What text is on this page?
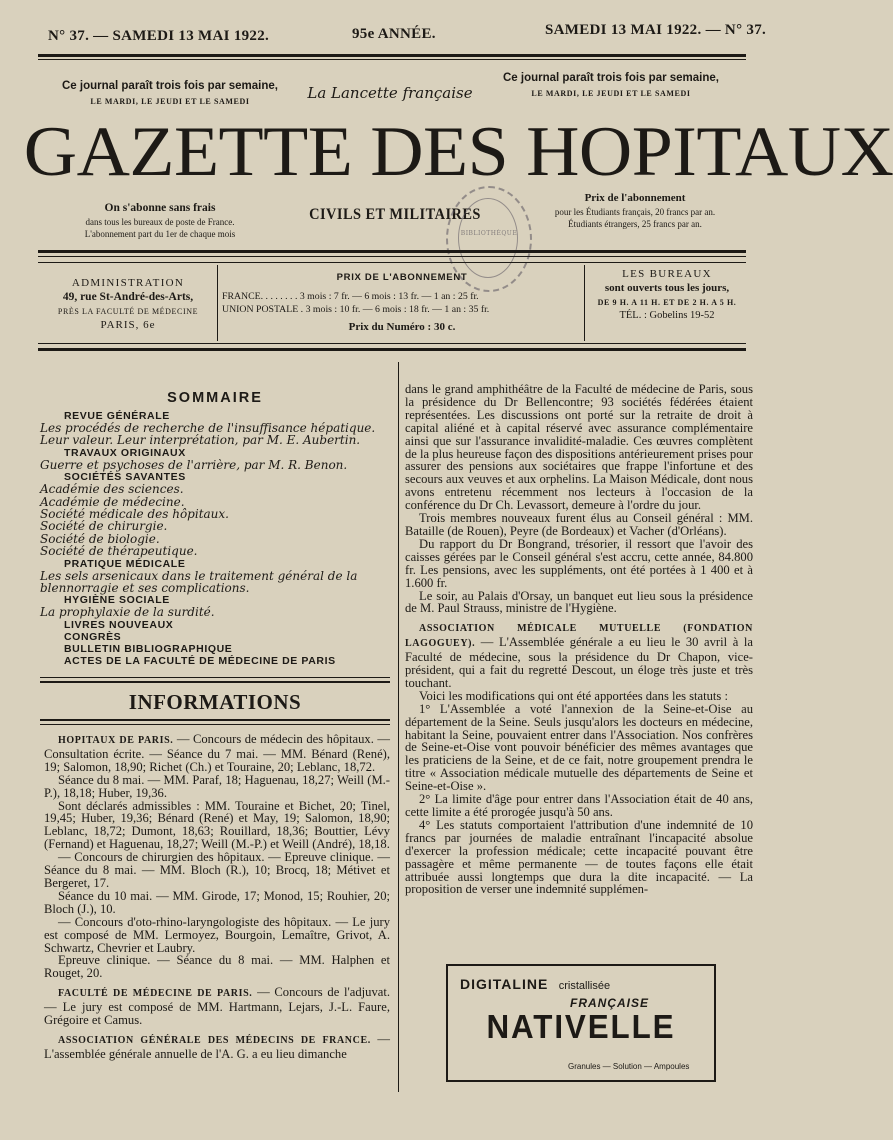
N° 37. — SAMEDI 13 MAI 1922.	95e ANNÉE.	SAMEDI 13 MAI 1922. — N° 37.
Ce journal paraît trois fois par semaine,
LE MARDI, LE JEUDI ET LE SAMEDI	La Lancette française
Ce journal paraît trois fois par semaine,
LE MARDI, LE JEUDI ET LE SAMEDI
GAZETTE DES HOPITAUX
On s'abonne sans frais
dans tous les bureaux de poste de France.
L'abonnement part du 1er de chaque mois
CIVILS ET MILITAIRES
Prix de l'abonnement
pour les Étudiants français, 20 francs par an.
Étudiants étrangers, 25 francs par an.
BIBLIOTHÈQUE
ADMINISTRATION
49, rue St-André-des-Arts,
PRÈS LA FACULTÉ DE MÉDECINE
PARIS, 6e
PRIX DE L'ABONNEMENT
FRANCE. . . . . . . . 3 mois : 7 fr. — 6 mois : 13 fr. — 1 an : 25 fr.
UNION POSTALE . 3 mois : 10 fr. — 6 mois : 18 fr. — 1 an : 35 fr.
Prix du Numéro : 30 c.
LES BUREAUX
sont ouverts tous les jours,
DE 9 H. A 11 H. ET DE 2 H. A 5 H.
TÉL. : Gobelins 19-52
SOMMAIRE
REVUE GÉNÉRALE
Les procédés de recherche de l'insuffisance hépatique. Leur valeur. Leur interprétation, par M. E. Aubertin.
TRAVAUX ORIGINAUX
Guerre et psychoses de l'arrière, par M. R. Benon.
SOCIÉTÉS SAVANTES
Académie des sciences.
Académie de médecine.
Société médicale des hôpitaux.
Société de chirurgie.
Société de biologie.
Société de thérapeutique.
PRATIQUE MÉDICALE
Les sels arsenicaux dans le traitement général de la blennorragie et ses complications.
HYGIÈNE SOCIALE
La prophylaxie de la surdité.
LIVRES NOUVEAUX
CONGRÈS
BULLETIN BIBLIOGRAPHIQUE
ACTES DE LA FACULTÉ DE MÉDECINE DE PARIS
INFORMATIONS

HOPITAUX DE PARIS. — Concours de médecin des hôpitaux. — Consultation écrite. — Séance du 7 mai. — MM. Bénard (René), 19; Salomon, 18,90; Richet (Ch.) et Touraine, 20; Leblanc, 18,72.

Séance du 8 mai. — MM. Paraf, 18; Haguenau, 18,27; Weill (M.-P.), 18,18; Huber, 19,36.

Sont déclarés admissibles : MM. Touraine et Bichet, 20; Tinel, 19,45; Huber, 19,36; Bénard (René) et May, 19; Salomon, 18,90; Leblanc, 18,72; Dumont, 18,63; Rouillard, 18,36; Bouttier, Lévy (Fernand) et Haguenau, 18,27; Weill (M.-P.) et Weill (André), 18,18.

— Concours de chirurgien des hôpitaux. — Epreuve clinique. — Séance du 8 mai. — MM. Bloch (R.), 10; Brocq, 18; Métivet et Bergeret, 17.

Séance du 10 mai. — MM. Girode, 17; Monod, 15; Rouhier, 20; Bloch (J.), 10.

— Concours d'oto-rhino-laryngologiste des hôpitaux. — Le jury est composé de MM. Lermoyez, Bourgoin, Lemaître, Grivot, A. Schwartz, Chevrier et Laubry.

Epreuve clinique. — Séance du 8 mai. — MM. Halphen et Rouget, 20.

FACULTÉ DE MÉDECINE DE PARIS. — Concours de l'adjuvat. — Le jury est composé de MM. Hartmann, Lejars, J.-L. Faure, Grégoire et Camus.

ASSOCIATION GÉNÉRALE DES MÉDECINS DE FRANCE. — L'assemblée générale annuelle de l'A. G. a eu lieu dimanche

dans le grand amphithéâtre de la Faculté de médecine de Paris, sous la présidence du Dr Bellencontre; 93 sociétés fédérées étaient représentées. Les discussions ont porté sur la retraite de droit à capital aliéné et à capital réservé avec assurance complémentaire ainsi que sur l'assurance invalidité-maladie. Ces œuvres complètent de la plus heureuse façon des dispositions antérieurement prises pour assurer des pensions aux sociétaires que frappe l'infortune et des secours aux veuves et aux orphelins. La Maison Médicale, dont nous avons entretenu récemment nos lecteurs à l'occasion de la conférence du Dr Ch. Levassort, demeure à l'ordre du jour.

Trois membres nouveaux furent élus au Conseil général : MM. Bataille (de Rouen), Peyre (de Bordeaux) et Vacher (d'Orléans).

Du rapport du Dr Bongrand, trésorier, il ressort que l'avoir des caisses gérées par le Conseil général s'est accru, cette année, 84.800 fr. Les pensions, avec les suppléments, ont été portées à 1 400 et à 1.600 fr.

Le soir, au Palais d'Orsay, un banquet eut lieu sous la présidence de M. Paul Strauss, ministre de l'Hygiène.

ASSOCIATION MÉDICALE MUTUELLE (FONDATION LAGOGUEY). — L'Assemblée générale a eu lieu le 30 avril à la Faculté de médecine, sous la présidence du Dr Chapon, vice-président, qui a fait du regretté Descout, un éloge très juste et très touchant.

Voici les modifications qui ont été apportées dans les statuts :

1° L'Assemblée a voté l'annexion de la Seine-et-Oise au département de la Seine. Seuls jusqu'alors les docteurs en médecine, habitant la Seine, pouvaient entrer dans l'Association. Nos confrères de Seine-et-Oise vont pouvoir bénéficier des mêmes avantages que les praticiens de la Seine, et de ce fait, notre groupement prendra le titre « Association médicale mutuelle des départements de Seine et Seine-et-Oise ».

2° La limite d'âge pour entrer dans l'Association était de 40 ans, cette limite a été prorogée jusqu'à 50 ans.

4° Les statuts comportaient l'attribution d'une indemnité de 10 francs par journées de maladie entraînant l'incapacité absolue d'exercer la profession médicale; cette incapacité pouvant être passagère et même permanente — de toutes façons elle était attribuée aussi longtemps que dura la dite incapacité. — La proposition de verser une indemnité supplémen-

DIGITALINE cristallisée
FRANÇAISE
NATIVELLE
Granules — Solution — Ampoules
